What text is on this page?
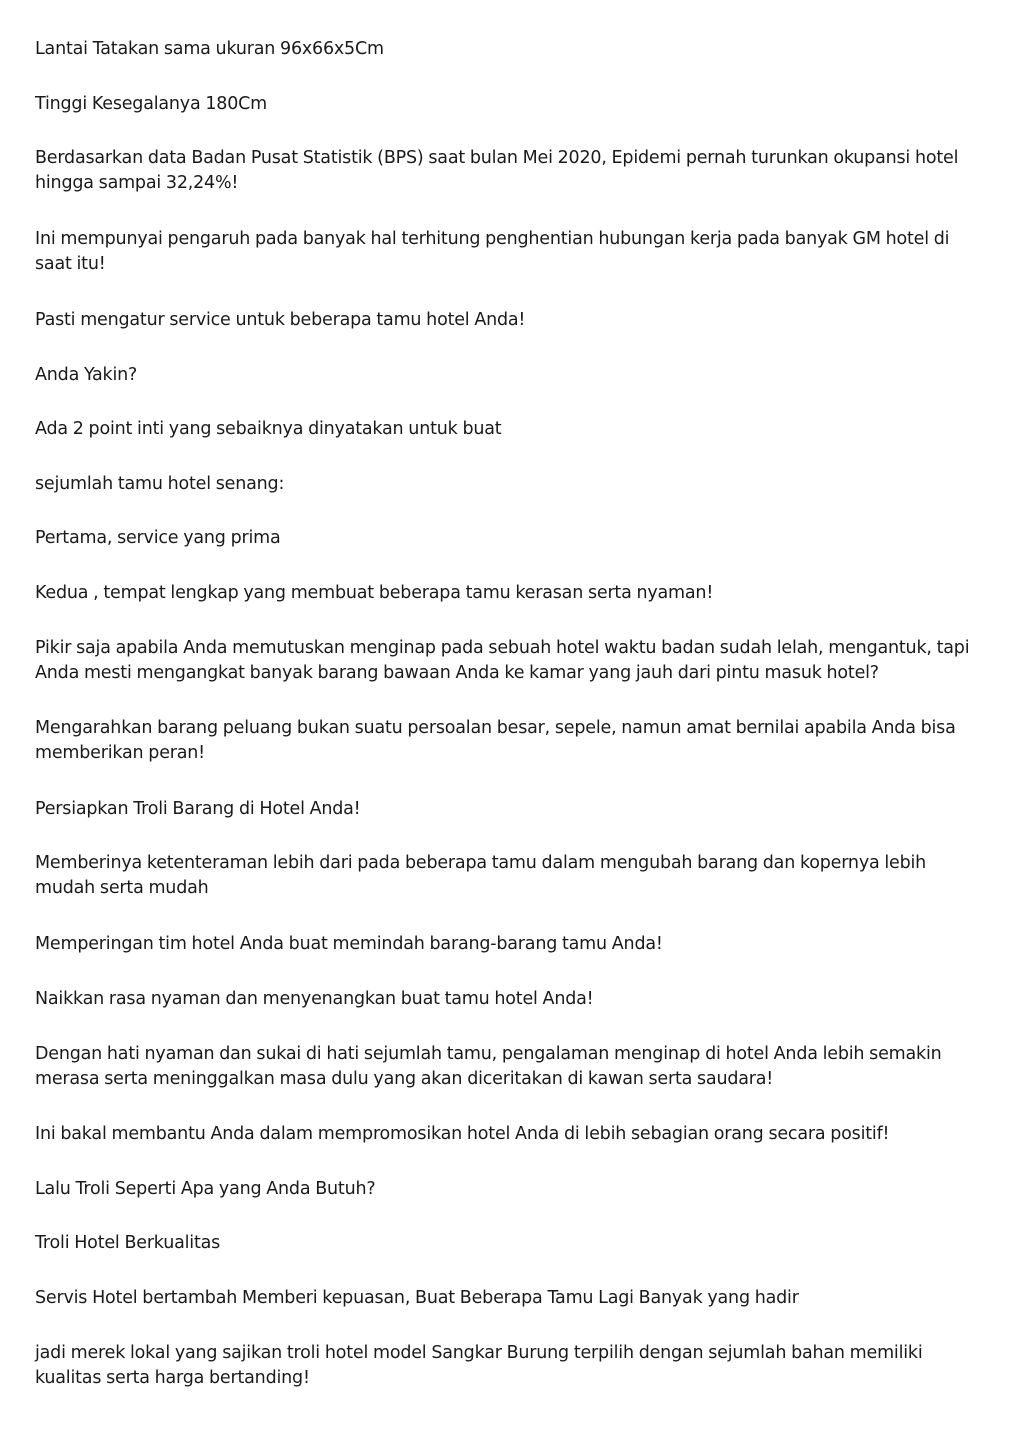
Lantai Tatakan sama ukuran 96x66x5Cm

Tinggi Kesegalanya 180Cm

Berdasarkan data Badan Pusat Statistik (BPS) saat bulan Mei 2020, Epidemi pernah turunkan okupansi hotel hingga sampai 32,24%!

Ini mempunyai pengaruh pada banyak hal terhitung penghentian hubungan kerja pada banyak GM hotel di saat itu!

Pasti mengatur service untuk beberapa tamu hotel Anda!

Anda Yakin?

Ada 2 point inti yang sebaiknya dinyatakan untuk buat

sejumlah tamu hotel senang:

Pertama, service yang prima

Kedua , tempat lengkap yang membuat beberapa tamu kerasan serta nyaman!

Pikir saja apabila Anda memutuskan menginap pada sebuah hotel waktu badan sudah lelah, mengantuk, tapi Anda mesti mengangkat banyak barang bawaan Anda ke kamar yang jauh dari pintu masuk hotel?

Mengarahkan barang peluang bukan suatu persoalan besar, sepele, namun amat bernilai apabila Anda bisa memberikan peran!

Persiapkan Troli Barang di Hotel Anda!

Memberinya ketenteraman lebih dari pada beberapa tamu dalam mengubah barang dan kopernya lebih mudah serta mudah

Memperingan tim hotel Anda buat memindah barang-barang tamu Anda!

Naikkan rasa nyaman dan menyenangkan buat tamu hotel Anda!

Dengan hati nyaman dan sukai di hati sejumlah tamu, pengalaman menginap di hotel Anda lebih semakin merasa serta meninggalkan masa dulu yang akan diceritakan di kawan serta saudara!

Ini bakal membantu Anda dalam mempromosikan hotel Anda di lebih sebagian orang secara positif!

Lalu Troli Seperti Apa yang Anda Butuh?

Troli Hotel Berkualitas

Servis Hotel bertambah Memberi kepuasan, Buat Beberapa Tamu Lagi Banyak yang hadir

jadi merek lokal yang sajikan troli hotel model Sangkar Burung terpilih dengan sejumlah bahan memiliki kualitas serta harga bertanding!
